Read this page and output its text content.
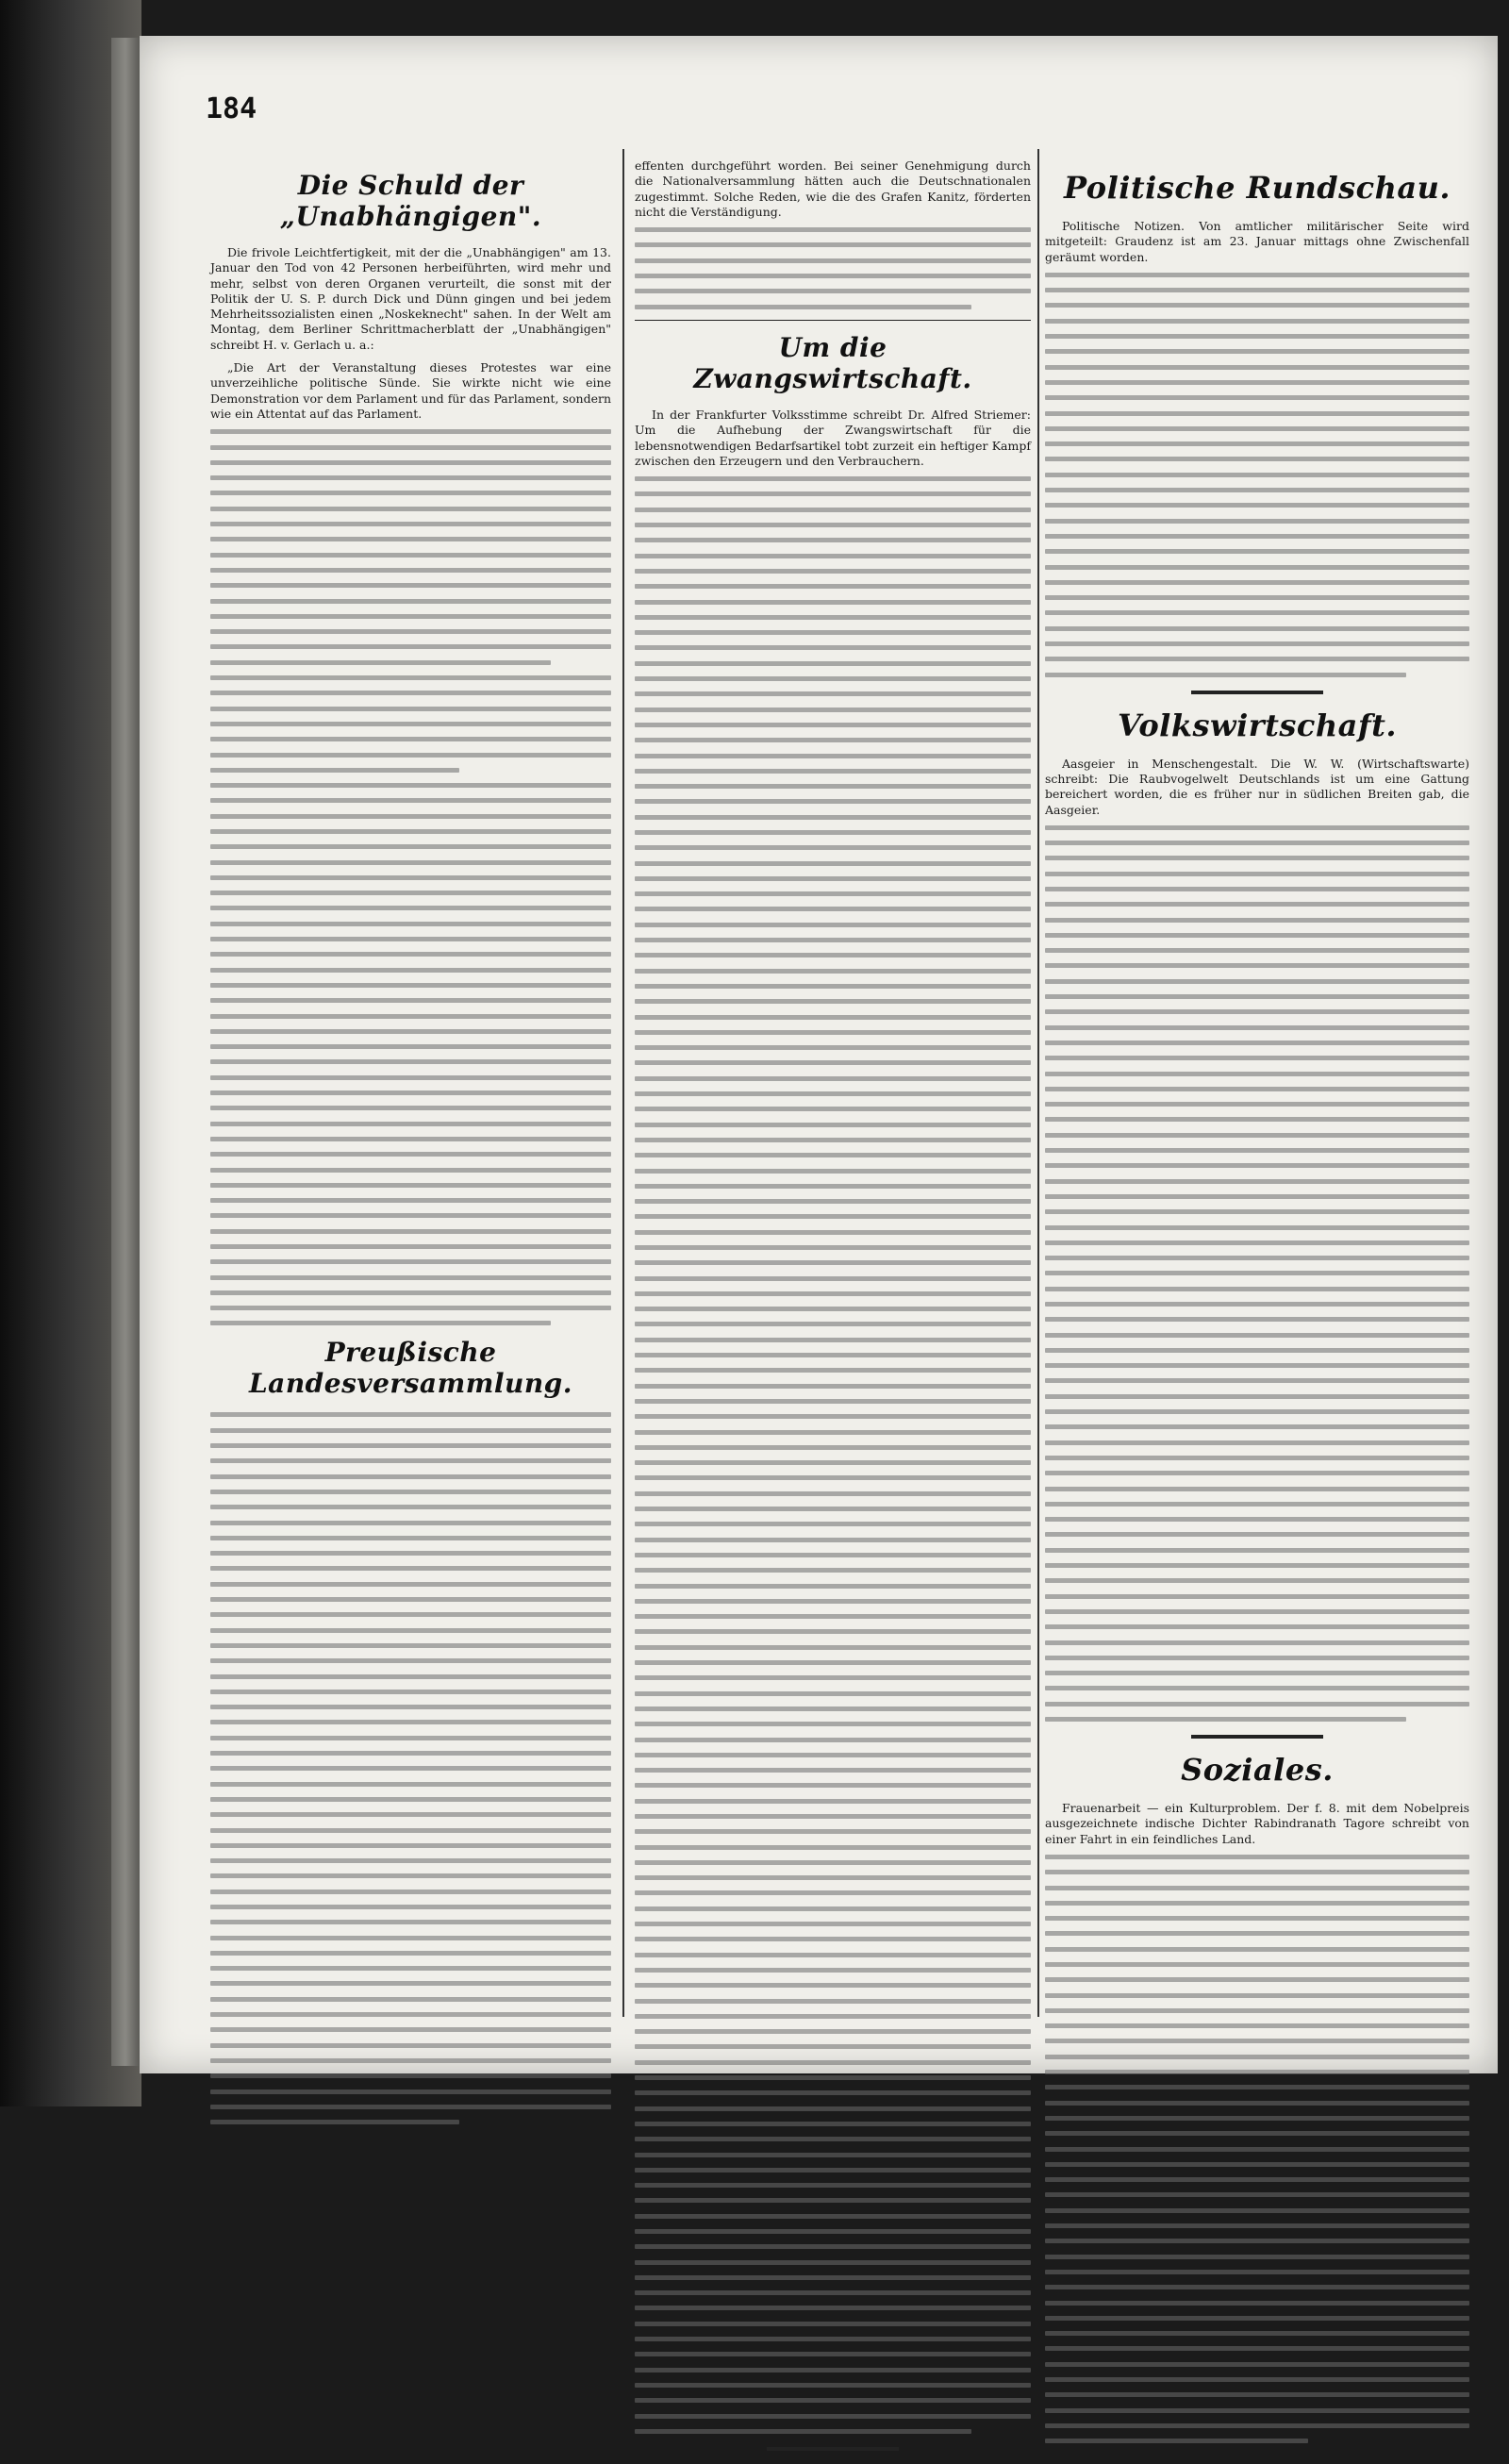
184
Die Schuld der „Unabhängigen".

Die frivole Leichtfertigkeit, mit der die „Unabhängigen" am 13. Januar den Tod von 42 Personen herbeiführten, wird mehr und mehr, selbst von deren Organen verurteilt, die sonst mit der Politik der U. S. P. durch Dick und Dünn gingen und bei jedem Mehrheitssozialisten einen „Noskeknecht" sahen. In der Welt am Montag, dem Berliner Schrittmacherblatt der „Unabhängigen" schreibt H. v. Gerlach u. a.:

„Die Art der Veranstaltung dieses Protestes war eine unverzeihliche politische Sünde. Sie wirkte nicht wie eine Demonstration vor dem Parlament und für das Parlament, sondern wie ein Attentat auf das Parlament.

Preußische Landesversammlung.

effenten durchgeführt worden. Bei seiner Genehmigung durch die Nationalversammlung hätten auch die Deutschnationalen zugestimmt. Solche Reden, wie die des Grafen Kanitz, förderten nicht die Verständigung.

Um die Zwangswirtschaft.

In der Frankfurter Volksstimme schreibt Dr. Alfred Striemer: Um die Aufhebung der Zwangswirtschaft für die lebensnotwendigen Bedarfsartikel tobt zurzeit ein heftiger Kampf zwischen den Erzeugern und den Verbrauchern.

Politische Rundschau.

Politische Notizen. Von amtlicher militärischer Seite wird mitgeteilt: Graudenz ist am 23. Januar mittags ohne Zwischenfall geräumt worden.

Volkswirtschaft.

Aasgeier in Menschengestalt. Die W. W. (Wirtschaftswarte) schreibt: Die Raubvogelwelt Deutschlands ist um eine Gattung bereichert worden, die es früher nur in südlichen Breiten gab, die Aasgeier.

Soziales.

Frauenarbeit — ein Kulturproblem. Der f. 8. mit dem Nobelpreis ausgezeichnete indische Dichter Rabindranath Tagore schreibt von einer Fahrt in ein feindliches Land.
